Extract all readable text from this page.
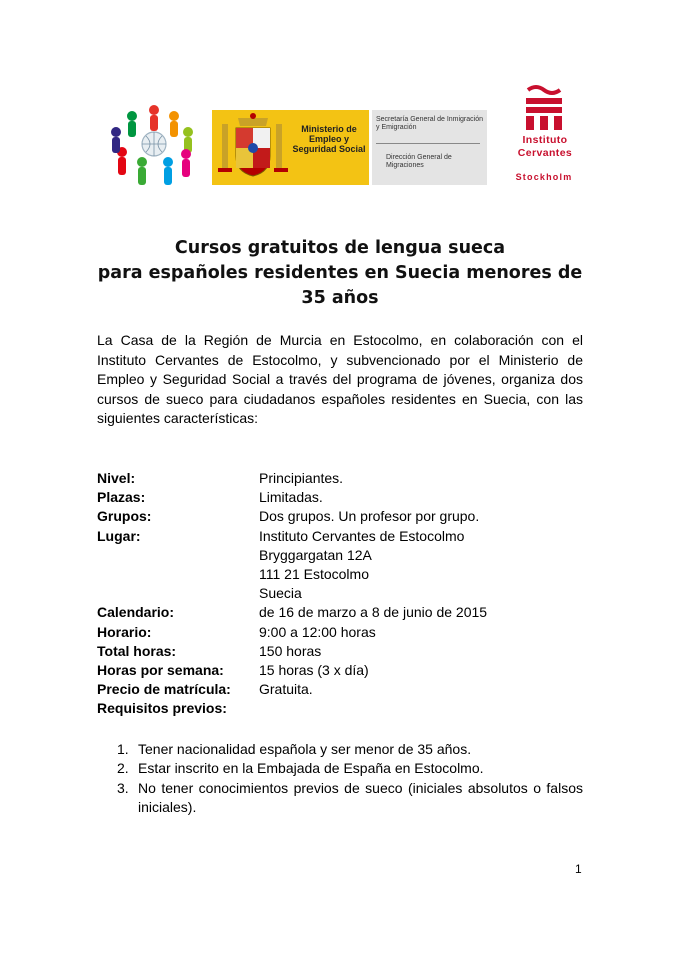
Ministerio de Empleo y Seguridad Social
Secretaría General de Inmigración y Emigración
Dirección General de Migraciones
Instituto
Cervantes
Stockholm
Cursos gratuitos de lengua sueca
para españoles residentes en Suecia menores de
35 años
La Casa de la Región de Murcia en Estocolmo, en colaboración con el Instituto Cervantes de Estocolmo, y subvencionado por el Ministerio de Empleo y Seguridad Social a través del programa de jóvenes, organiza dos cursos de sueco para ciudadanos españoles residentes en Suecia, con las siguientes características:
Nivel:	Principiantes.
Plazas:	Limitadas.
Grupos:	Dos grupos. Un profesor por grupo.
Lugar:	Instituto Cervantes de Estocolmo
Bryggargatan 12A
111 21 Estocolmo
Suecia
Calendario:	de 16 de marzo a 8 de junio de 2015
Horario:	9:00 a 12:00 horas
Total horas:	150 horas
Horas por semana:	15 horas (3 x día)
Precio de matrícula:	Gratuita.
Requisitos previos:
1. Tener nacionalidad española y ser menor de 35 años.
2. Estar inscrito en la Embajada de España en Estocolmo.
3. No tener conocimientos previos de sueco (iniciales absolutos o falsos iniciales).
1
